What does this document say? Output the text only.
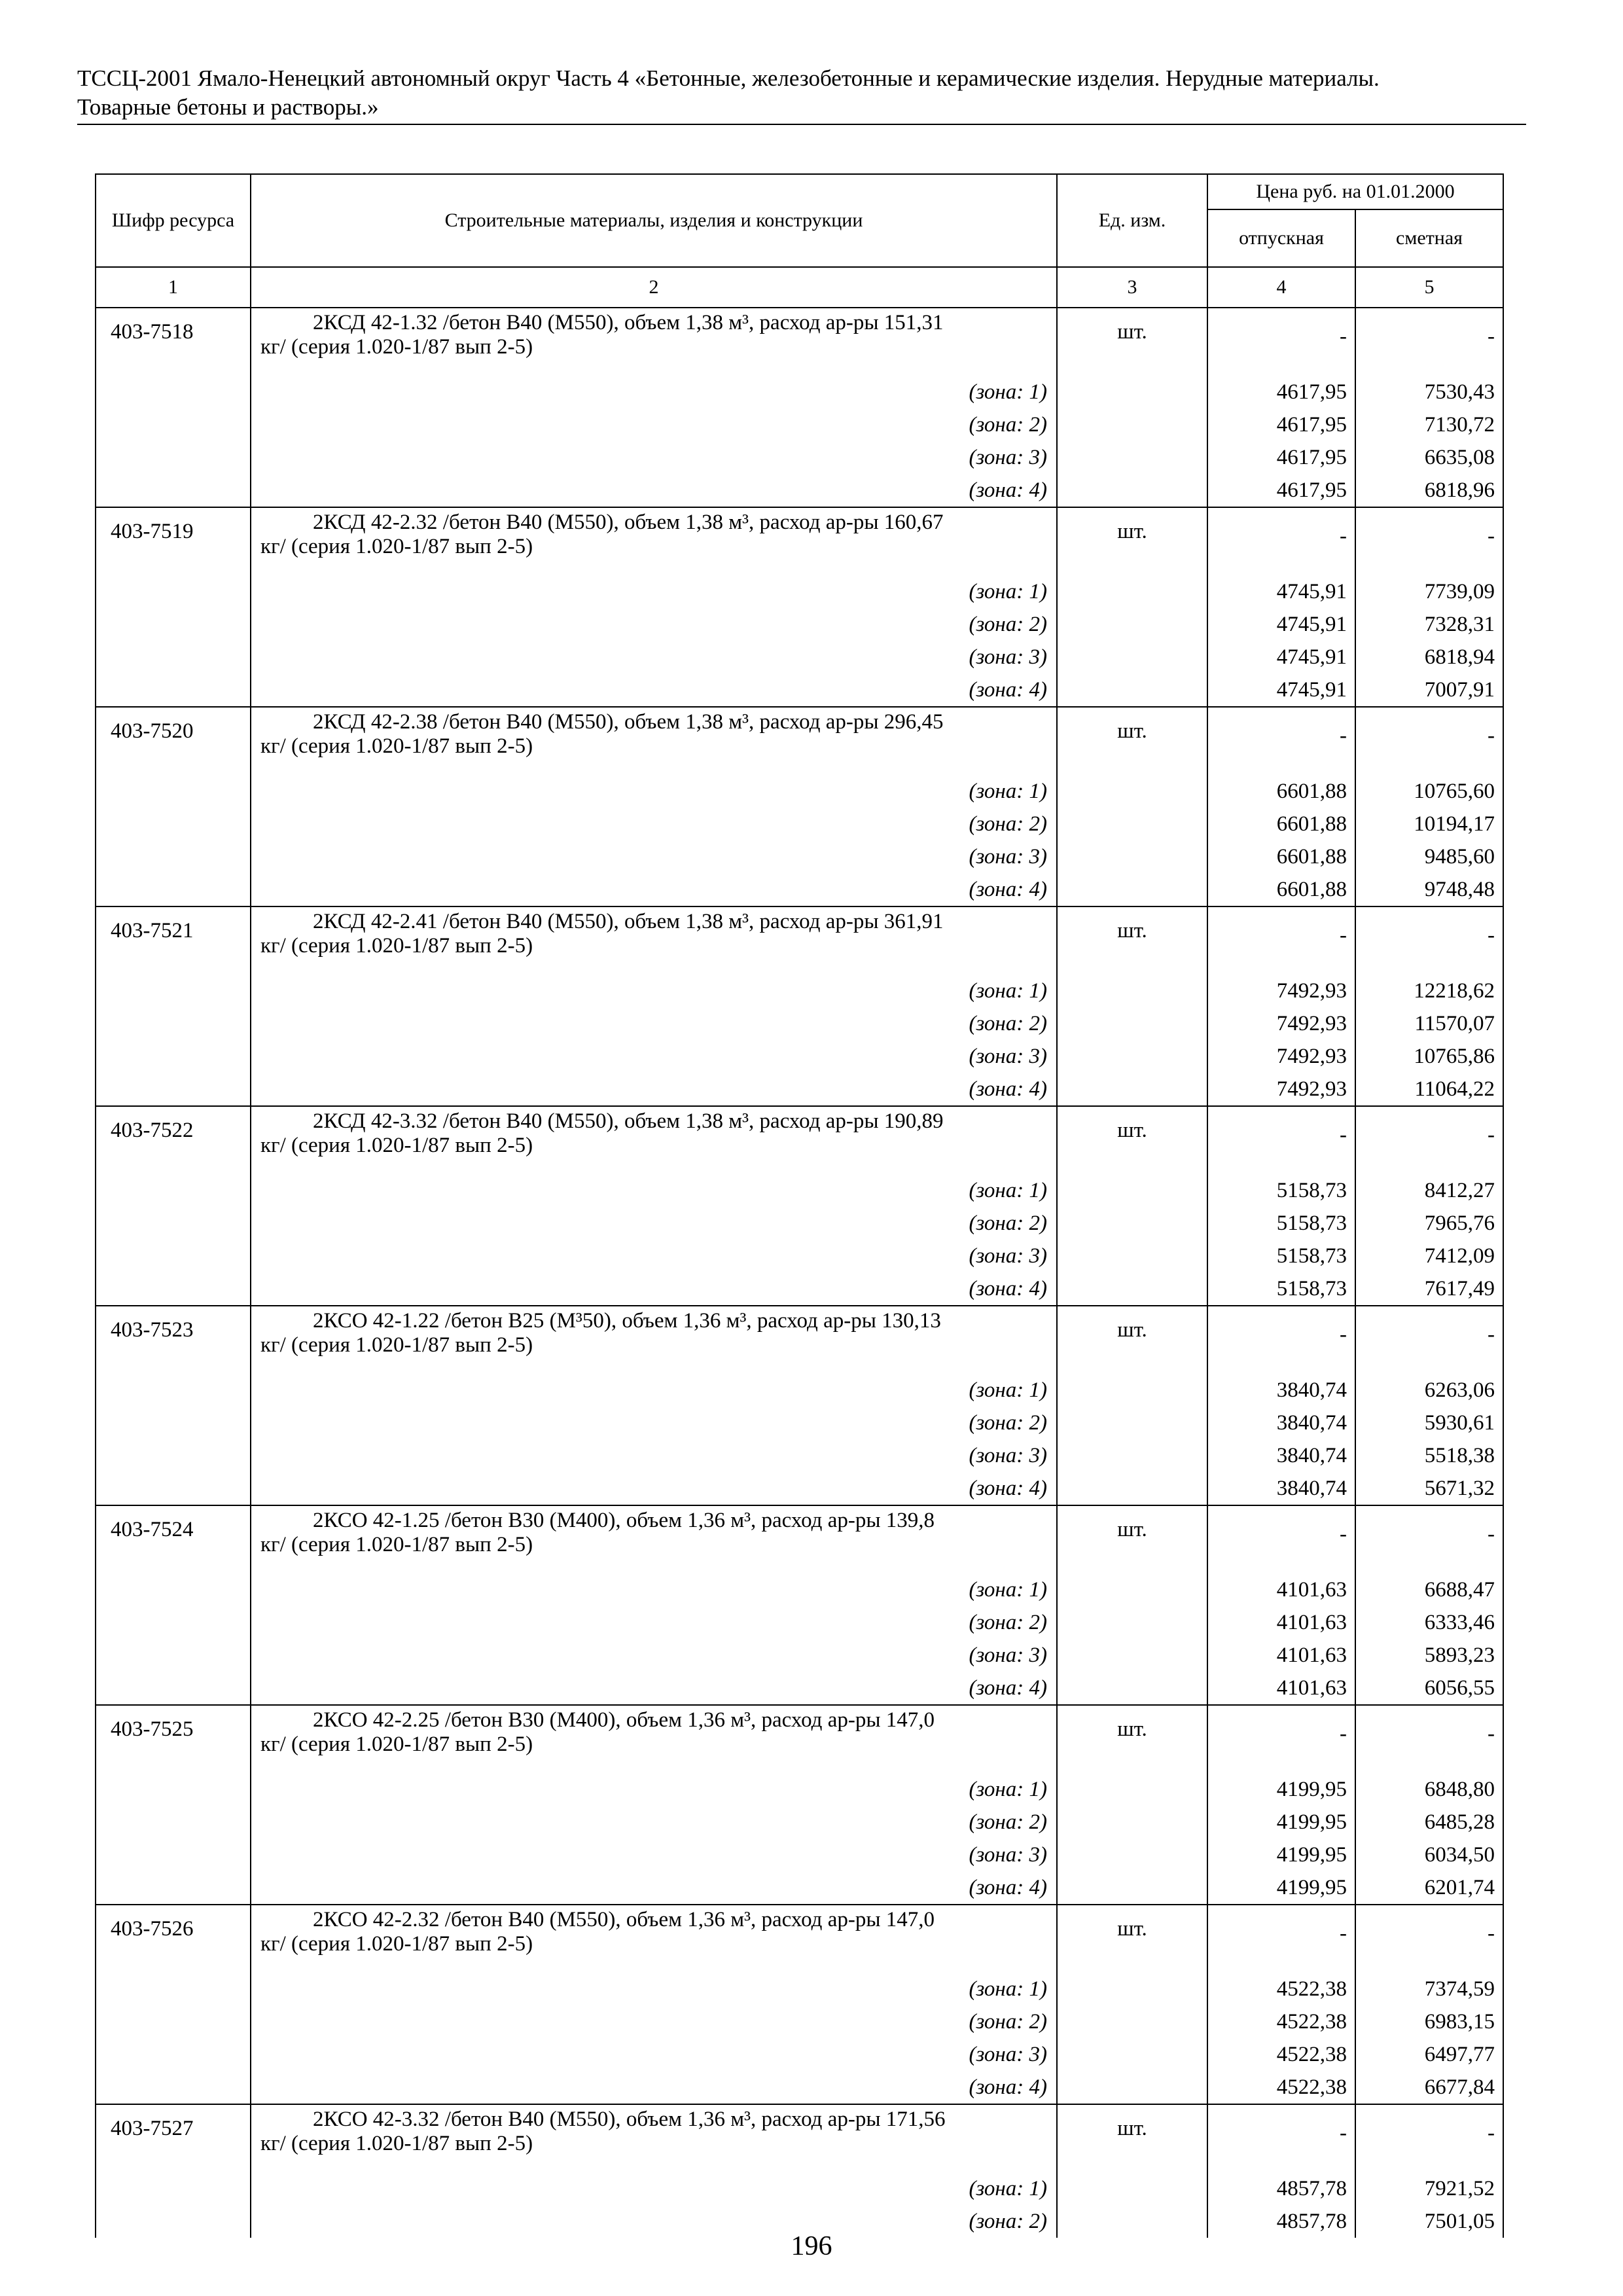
ТССЦ-2001 Ямало-Ненецкий автономный округ Часть 4 «Бетонные, железобетонные и керамические изделия. Нерудные материалы.
Товарные бетоны и растворы.»
Шифр ресурса	Строительные материалы, изделия и конструкции	Ед. изм.	Цена руб. на 01.01.2000	
			отпускная	сметная
1	2	3	4	5
403-7518	2КСД 42-1.32 /бетон В40 (М550), объем 1,38 м³, расход ар-ры 151,31
кг/ (серия 1.020-1/87 вып 2-5)	шт.	-	-
	(зона: 1)		4617,95	7530,43
	(зона: 2)		4617,95	7130,72
	(зона: 3)		4617,95	6635,08
	(зона: 4)		4617,95	6818,96
403-7519	2КСД 42-2.32 /бетон В40 (М550), объем 1,38 м³, расход ар-ры 160,67
кг/ (серия 1.020-1/87 вып 2-5)	шт.	-	-
	(зона: 1)		4745,91	7739,09
	(зона: 2)		4745,91	7328,31
	(зона: 3)		4745,91	6818,94
	(зона: 4)		4745,91	7007,91
403-7520	2КСД 42-2.38 /бетон В40 (М550), объем 1,38 м³, расход ар-ры 296,45
кг/ (серия 1.020-1/87 вып 2-5)	шт.	-	-
	(зона: 1)		6601,88	10765,60
	(зона: 2)		6601,88	10194,17
	(зона: 3)		6601,88	9485,60
	(зона: 4)		6601,88	9748,48
403-7521	2КСД 42-2.41 /бетон В40 (М550), объем 1,38 м³, расход ар-ры 361,91
кг/ (серия 1.020-1/87 вып 2-5)	шт.	-	-
	(зона: 1)		7492,93	12218,62
	(зона: 2)		7492,93	11570,07
	(зона: 3)		7492,93	10765,86
	(зона: 4)		7492,93	11064,22
403-7522	2КСД 42-3.32 /бетон В40 (М550), объем 1,38 м³, расход ар-ры 190,89
кг/ (серия 1.020-1/87 вып 2-5)	шт.	-	-
	(зона: 1)		5158,73	8412,27
	(зона: 2)		5158,73	7965,76
	(зона: 3)		5158,73	7412,09
	(зона: 4)		5158,73	7617,49
403-7523	2КСО 42-1.22 /бетон В25 (М³50), объем 1,36 м³, расход ар-ры 130,13
кг/ (серия 1.020-1/87 вып 2-5)	шт.	-	-
	(зона: 1)		3840,74	6263,06
	(зона: 2)		3840,74	5930,61
	(зона: 3)		3840,74	5518,38
	(зона: 4)		3840,74	5671,32
403-7524	2КСО 42-1.25 /бетон В30 (М400), объем 1,36 м³, расход ар-ры 139,8
кг/ (серия 1.020-1/87 вып 2-5)	шт.	-	-
	(зона: 1)		4101,63	6688,47
	(зона: 2)		4101,63	6333,46
	(зона: 3)		4101,63	5893,23
	(зона: 4)		4101,63	6056,55
403-7525	2КСО 42-2.25 /бетон В30 (М400), объем 1,36 м³, расход ар-ры 147,0
кг/ (серия 1.020-1/87 вып 2-5)	шт.	-	-
	(зона: 1)		4199,95	6848,80
	(зона: 2)		4199,95	6485,28
	(зона: 3)		4199,95	6034,50
	(зона: 4)		4199,95	6201,74
403-7526	2КСО 42-2.32 /бетон В40 (М550), объем 1,36 м³, расход ар-ры 147,0
кг/ (серия 1.020-1/87 вып 2-5)	шт.	-	-
	(зона: 1)		4522,38	7374,59
	(зона: 2)		4522,38	6983,15
	(зона: 3)		4522,38	6497,77
	(зона: 4)		4522,38	6677,84
403-7527	2КСО 42-3.32 /бетон В40 (М550), объем 1,36 м³, расход ар-ры 171,56
кг/ (серия 1.020-1/87 вып 2-5)	шт.	-	-
	(зона: 1)		4857,78	7921,52
	(зона: 2)		4857,78	7501,05
196
